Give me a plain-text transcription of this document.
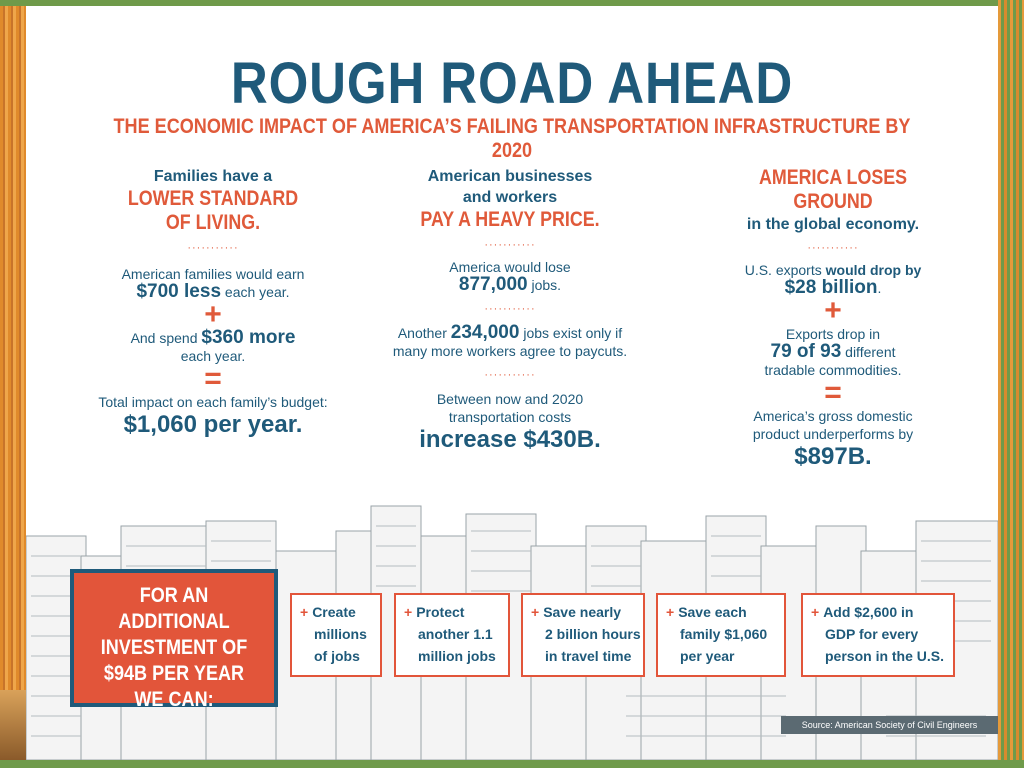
ROUGH ROAD AHEAD
THE ECONOMIC IMPACT OF AMERICA’S FAILING TRANSPORTATION INFRASTRUCTURE BY 2020
Families have a
LOWER STANDARD
OF LIVING.
···········
American families would earn
$700 less each year.
+
And spend $360 more
each year.
=
Total impact on each family’s budget:
$1,060 per year.
American businesses
and workers
PAY A HEAVY PRICE.
···········
America would lose
877,000 jobs.
···········
Another 234,000 jobs exist only if
many more workers agree to paycuts.
···········
Between now and 2020
transportation costs
increase $430B.
AMERICA LOSES GROUND
in the global economy.
···········
U.S. exports would drop by
$28 billion.
+
Exports drop in
79 of 93 different
tradable commodities.
=
America’s gross domestic
product underperforms by
$897B.
FOR AN ADDITIONAL
INVESTMENT OF
$94B PER YEAR
WE CAN:
+ Create
millions
of jobs
+ Protect
another 1.1
million jobs
+ Save nearly
2 billion hours
in travel time
+ Save each
family $1,060
per year
+ Add $2,600 in
GDP for every
person in the U.S.
Source: American Society of Civil Engineers
